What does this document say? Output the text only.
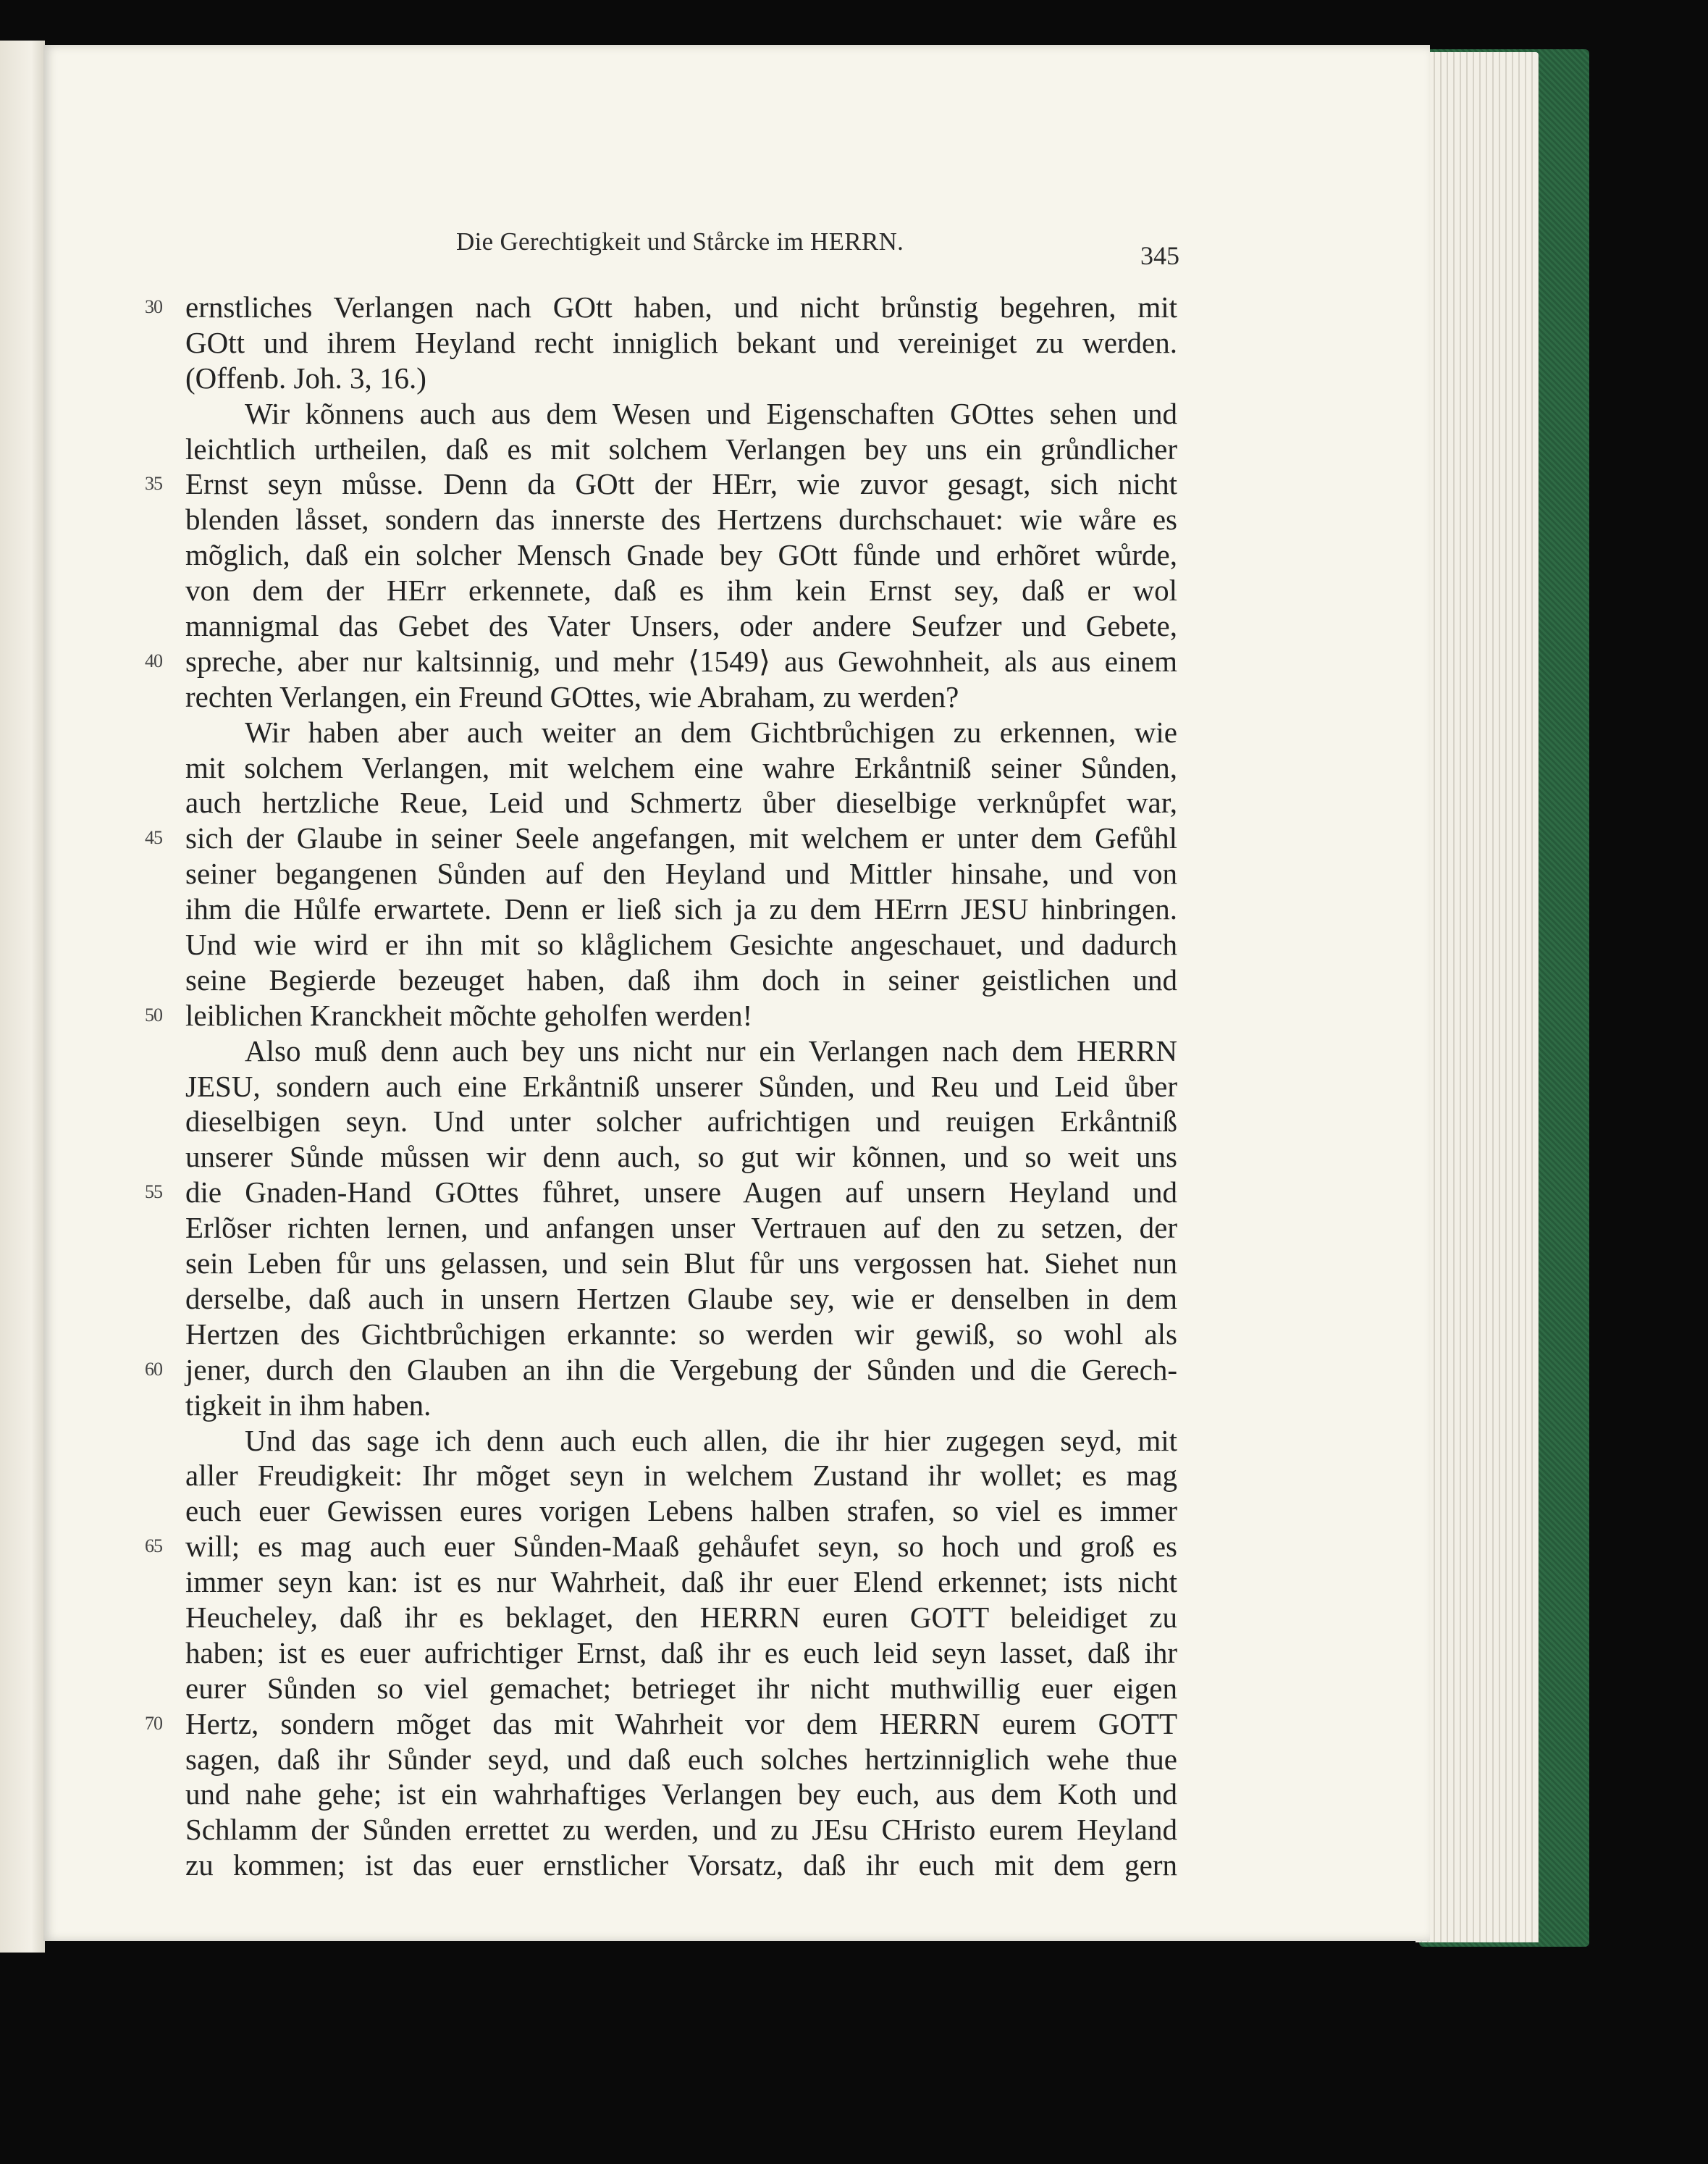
Die Gerechtigkeit und Stårcke im HERRN.	345
30 ernstliches Verlangen nach GOtt haben, und nicht brůnstig begehren, mit
GOtt und ihrem Heyland recht inniglich bekant und vereiniget zu werden.
(Offenb. Joh. 3, 16.)
Wir kõnnens auch aus dem Wesen und Eigenschaften GOttes sehen und
leichtlich urtheilen, daß es mit solchem Verlangen bey uns ein grůndlicher
35 Ernst seyn můsse. Denn da GOtt der HErr, wie zuvor gesagt, sich nicht
blenden låsset, sondern das innerste des Hertzens durchschauet: wie wåre es
mõglich, daß ein solcher Mensch Gnade bey GOtt fůnde und erhõret wůrde,
von dem der HErr erkennete, daß es ihm kein Ernst sey, daß er wol
mannigmal das Gebet des Vater Unsers, oder andere Seufzer und Gebete,
40 spreche, aber nur kaltsinnig, und mehr ⟨1549⟩ aus Gewohnheit, als aus einem
rechten Verlangen, ein Freund GOttes, wie Abraham, zu werden?
Wir haben aber auch weiter an dem Gichtbrůchigen zu erkennen, wie
mit solchem Verlangen, mit welchem eine wahre Erkåntniß seiner Sůnden,
auch hertzliche Reue, Leid und Schmertz ůber dieselbige verknůpfet war,
45 sich der Glaube in seiner Seele angefangen, mit welchem er unter dem Gefůhl
seiner begangenen Sůnden auf den Heyland und Mittler hinsahe, und von
ihm die Hůlfe erwartete. Denn er ließ sich ja zu dem HErrn JESU hinbringen.
Und wie wird er ihn mit so klåglichem Gesichte angeschauet, und dadurch
seine Begierde bezeuget haben, daß ihm doch in seiner geistlichen und
50 leiblichen Kranckheit mõchte geholfen werden!
Also muß denn auch bey uns nicht nur ein Verlangen nach dem HERRN
JESU, sondern auch eine Erkåntniß unserer Sůnden, und Reu und Leid ůber
dieselbigen seyn. Und unter solcher aufrichtigen und reuigen Erkåntniß
unserer Sůnde můssen wir denn auch, so gut wir kõnnen, und so weit uns
55 die Gnaden-Hand GOttes fůhret, unsere Augen auf unsern Heyland und
Erlõser richten lernen, und anfangen unser Vertrauen auf den zu setzen, der
sein Leben fůr uns gelassen, und sein Blut fůr uns vergossen hat. Siehet nun
derselbe, daß auch in unsern Hertzen Glaube sey, wie er denselben in dem
Hertzen des Gichtbrůchigen erkannte: so werden wir gewiß, so wohl als
60 jener, durch den Glauben an ihn die Vergebung der Sůnden und die Gerech-
tigkeit in ihm haben.
Und das sage ich denn auch euch allen, die ihr hier zugegen seyd, mit
aller Freudigkeit: Ihr mõget seyn in welchem Zustand ihr wollet; es mag
euch euer Gewissen eures vorigen Lebens halben strafen, so viel es immer
65 will; es mag auch euer Sůnden-Maaß gehåufet seyn, so hoch und groß es
immer seyn kan: ist es nur Wahrheit, daß ihr euer Elend erkennet; ists nicht
Heucheley, daß ihr es beklaget, den HERRN euren GOTT beleidiget zu
haben; ist es euer aufrichtiger Ernst, daß ihr es euch leid seyn lasset, daß ihr
eurer Sůnden so viel gemachet; betrieget ihr nicht muthwillig euer eigen
70 Hertz, sondern mõget das mit Wahrheit vor dem HERRN eurem GOTT
sagen, daß ihr Sůnder seyd, und daß euch solches hertzinniglich wehe thue
und nahe gehe; ist ein wahrhaftiges Verlangen bey euch, aus dem Koth und
Schlamm der Sůnden errettet zu werden, und zu JEsu CHristo eurem Heyland
zu kommen; ist das euer ernstlicher Vorsatz, daß ihr euch mit dem gern
